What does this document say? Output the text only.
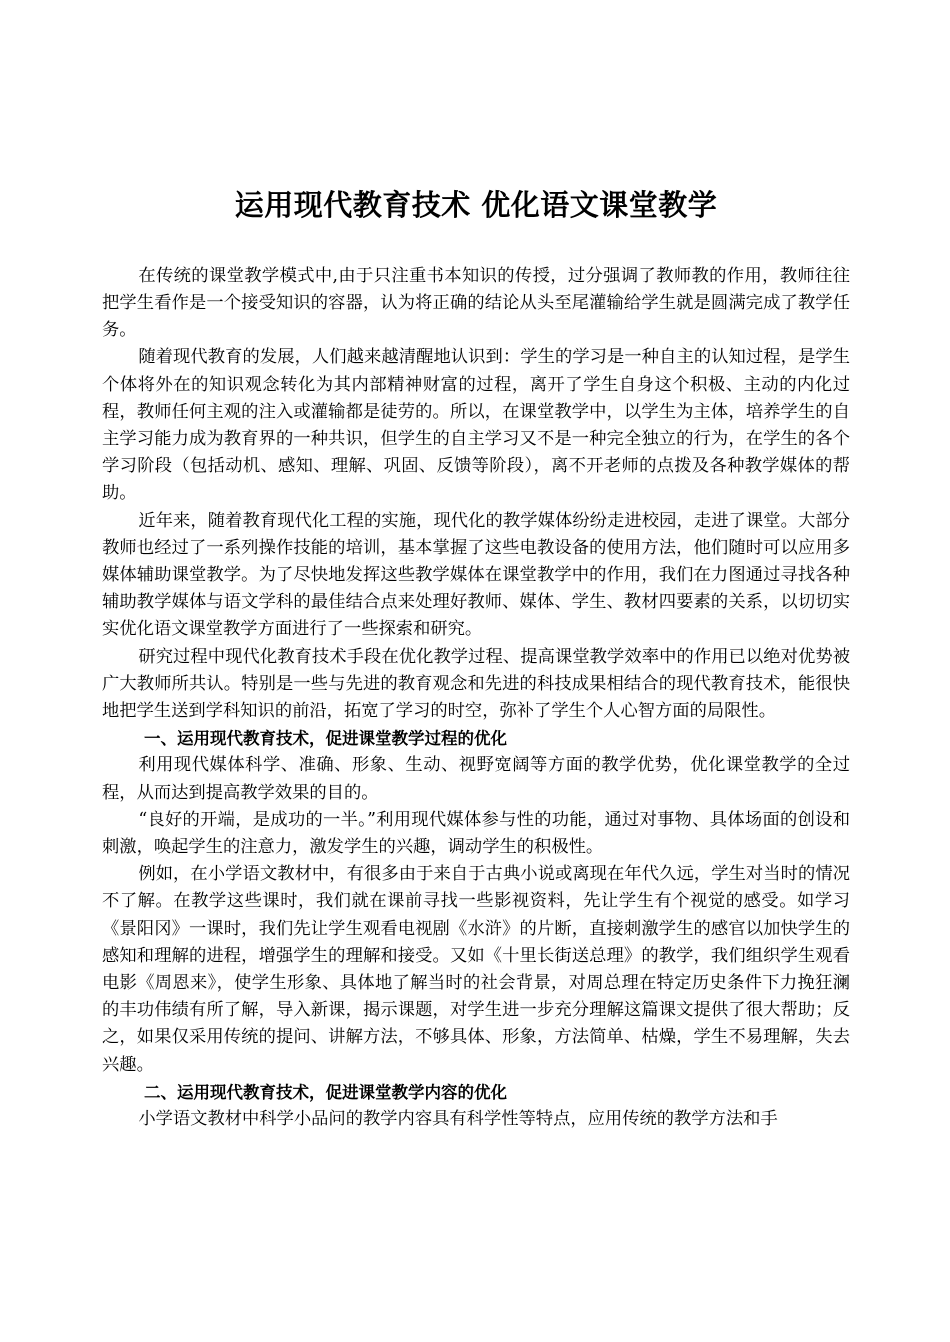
运用现代教育技术 优化语文课堂教学

在传统的课堂教学模式中,由于只注重书本知识的传授，过分强调了教师教的作用，教师往往把学生看作是一个接受知识的容器，认为将正确的结论从头至尾灌输给学生就是圆满完成了教学任务。

随着现代教育的发展，人们越来越清醒地认识到：学生的学习是一种自主的认知过程，是学生个体将外在的知识观念转化为其内部精神财富的过程，离开了学生自身这个积极、主动的内化过程，教师任何主观的注入或灌输都是徒劳的。所以，在课堂教学中，以学生为主体，培养学生的自主学习能力成为教育界的一种共识，但学生的自主学习又不是一种完全独立的行为，在学生的各个学习阶段（包括动机、感知、理解、巩固、反馈等阶段），离不开老师的点拨及各种教学媒体的帮助。

近年来，随着教育现代化工程的实施，现代化的教学媒体纷纷走进校园，走进了课堂。大部分教师也经过了一系列操作技能的培训，基本掌握了这些电教设备的使用方法，他们随时可以应用多媒体辅助课堂教学。为了尽快地发挥这些教学媒体在课堂教学中的作用，我们在力图通过寻找各种辅助教学媒体与语文学科的最佳结合点来处理好教师、媒体、学生、教材四要素的关系，以切切实实优化语文课堂教学方面进行了一些探索和研究。

研究过程中现代化教育技术手段在优化教学过程、提高课堂教学效率中的作用已以绝对优势被广大教师所共认。特别是一些与先进的教育观念和先进的科技成果相结合的现代教育技术，能很快地把学生送到学科知识的前沿，拓宽了学习的时空，弥补了学生个人心智方面的局限性。

一、运用现代教育技术，促进课堂教学过程的优化

利用现代媒体科学、准确、形象、生动、视野宽阔等方面的教学优势，优化课堂教学的全过程，从而达到提高教学效果的目的。

“良好的开端，是成功的一半。”利用现代媒体参与性的功能，通过对事物、具体场面的创设和刺激，唤起学生的注意力，激发学生的兴趣，调动学生的积极性。

例如，在小学语文教材中，有很多由于来自于古典小说或离现在年代久远，学生对当时的情况不了解。在教学这些课时，我们就在课前寻找一些影视资料，先让学生有个视觉的感受。如学习《景阳冈》一课时，我们先让学生观看电视剧《水浒》的片断，直接刺激学生的感官以加快学生的感知和理解的进程，增强学生的理解和接受。又如《十里长街送总理》的教学，我们组织学生观看电影《周恩来》，使学生形象、具体地了解当时的社会背景，对周总理在特定历史条件下力挽狂澜的丰功伟绩有所了解，导入新课，揭示课题，对学生进一步充分理解这篇课文提供了很大帮助；反之，如果仅采用传统的提问、讲解方法，不够具体、形象，方法简单、枯燥，学生不易理解，失去兴趣。

二、运用现代教育技术，促进课堂教学内容的优化

小学语文教材中科学小品问的教学内容具有科学性等特点，应用传统的教学方法和手
